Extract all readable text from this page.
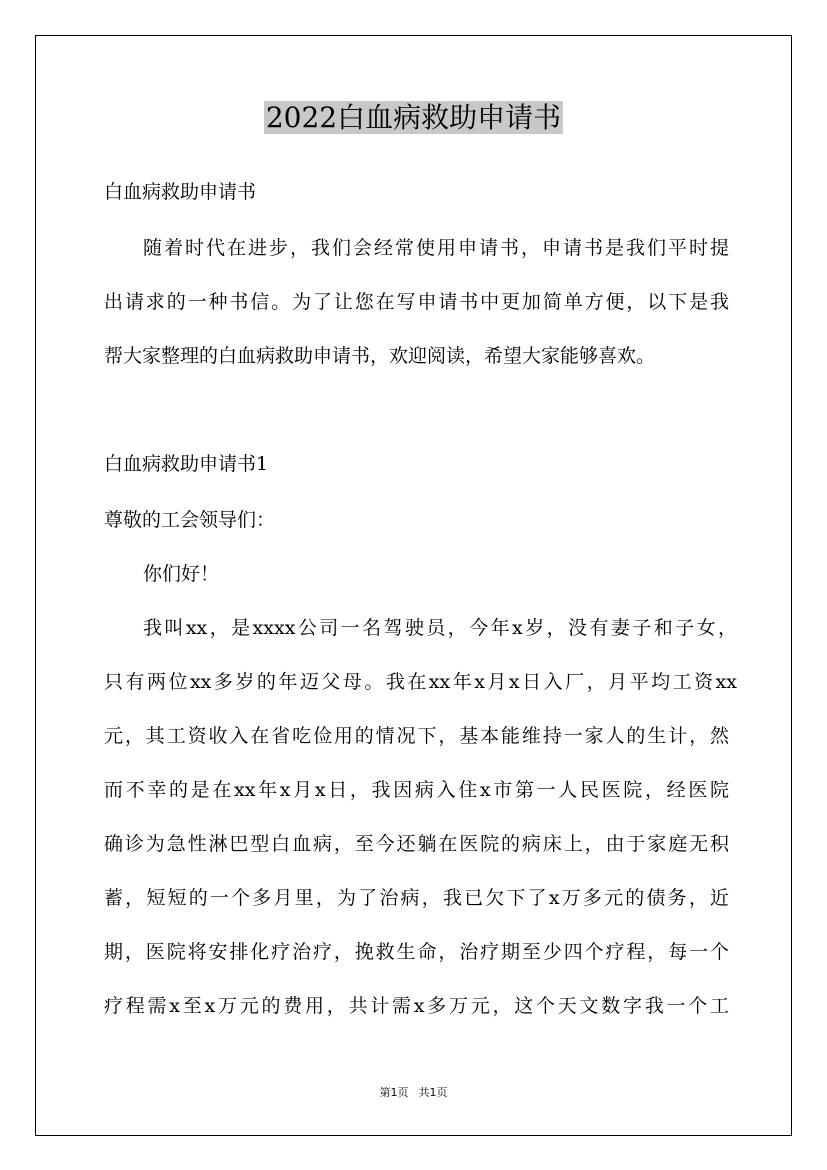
2022白血病救助申请书

白血病救助申请书

随着时代在进步，我们会经常使用申请书，申请书是我们平时提

出请求的一种书信。为了让您在写申请书中更加简单方便，以下是我

帮大家整理的白血病救助申请书，欢迎阅读，希望大家能够喜欢。

白血病救助申请书1

尊敬的工会领导们：

你们好！

我叫xx，是xxxx公司一名驾驶员，今年x岁，没有妻子和子女，

只有两位xx多岁的年迈父母。我在xx年x月x日入厂，月平均工资xx

元，其工资收入在省吃俭用的情况下，基本能维持一家人的生计，然

而不幸的是在xx年x月x日，我因病入住x市第一人民医院，经医院

确诊为急性淋巴型白血病，至今还躺在医院的病床上，由于家庭无积

蓄，短短的一个多月里，为了治病，我已欠下了x万多元的债务，近

期，医院将安排化疗治疗，挽救生命，治疗期至少四个疗程，每一个

疗程需x至x万元的费用，共计需x多万元，这个天文数字我一个工

第1页 共1页
